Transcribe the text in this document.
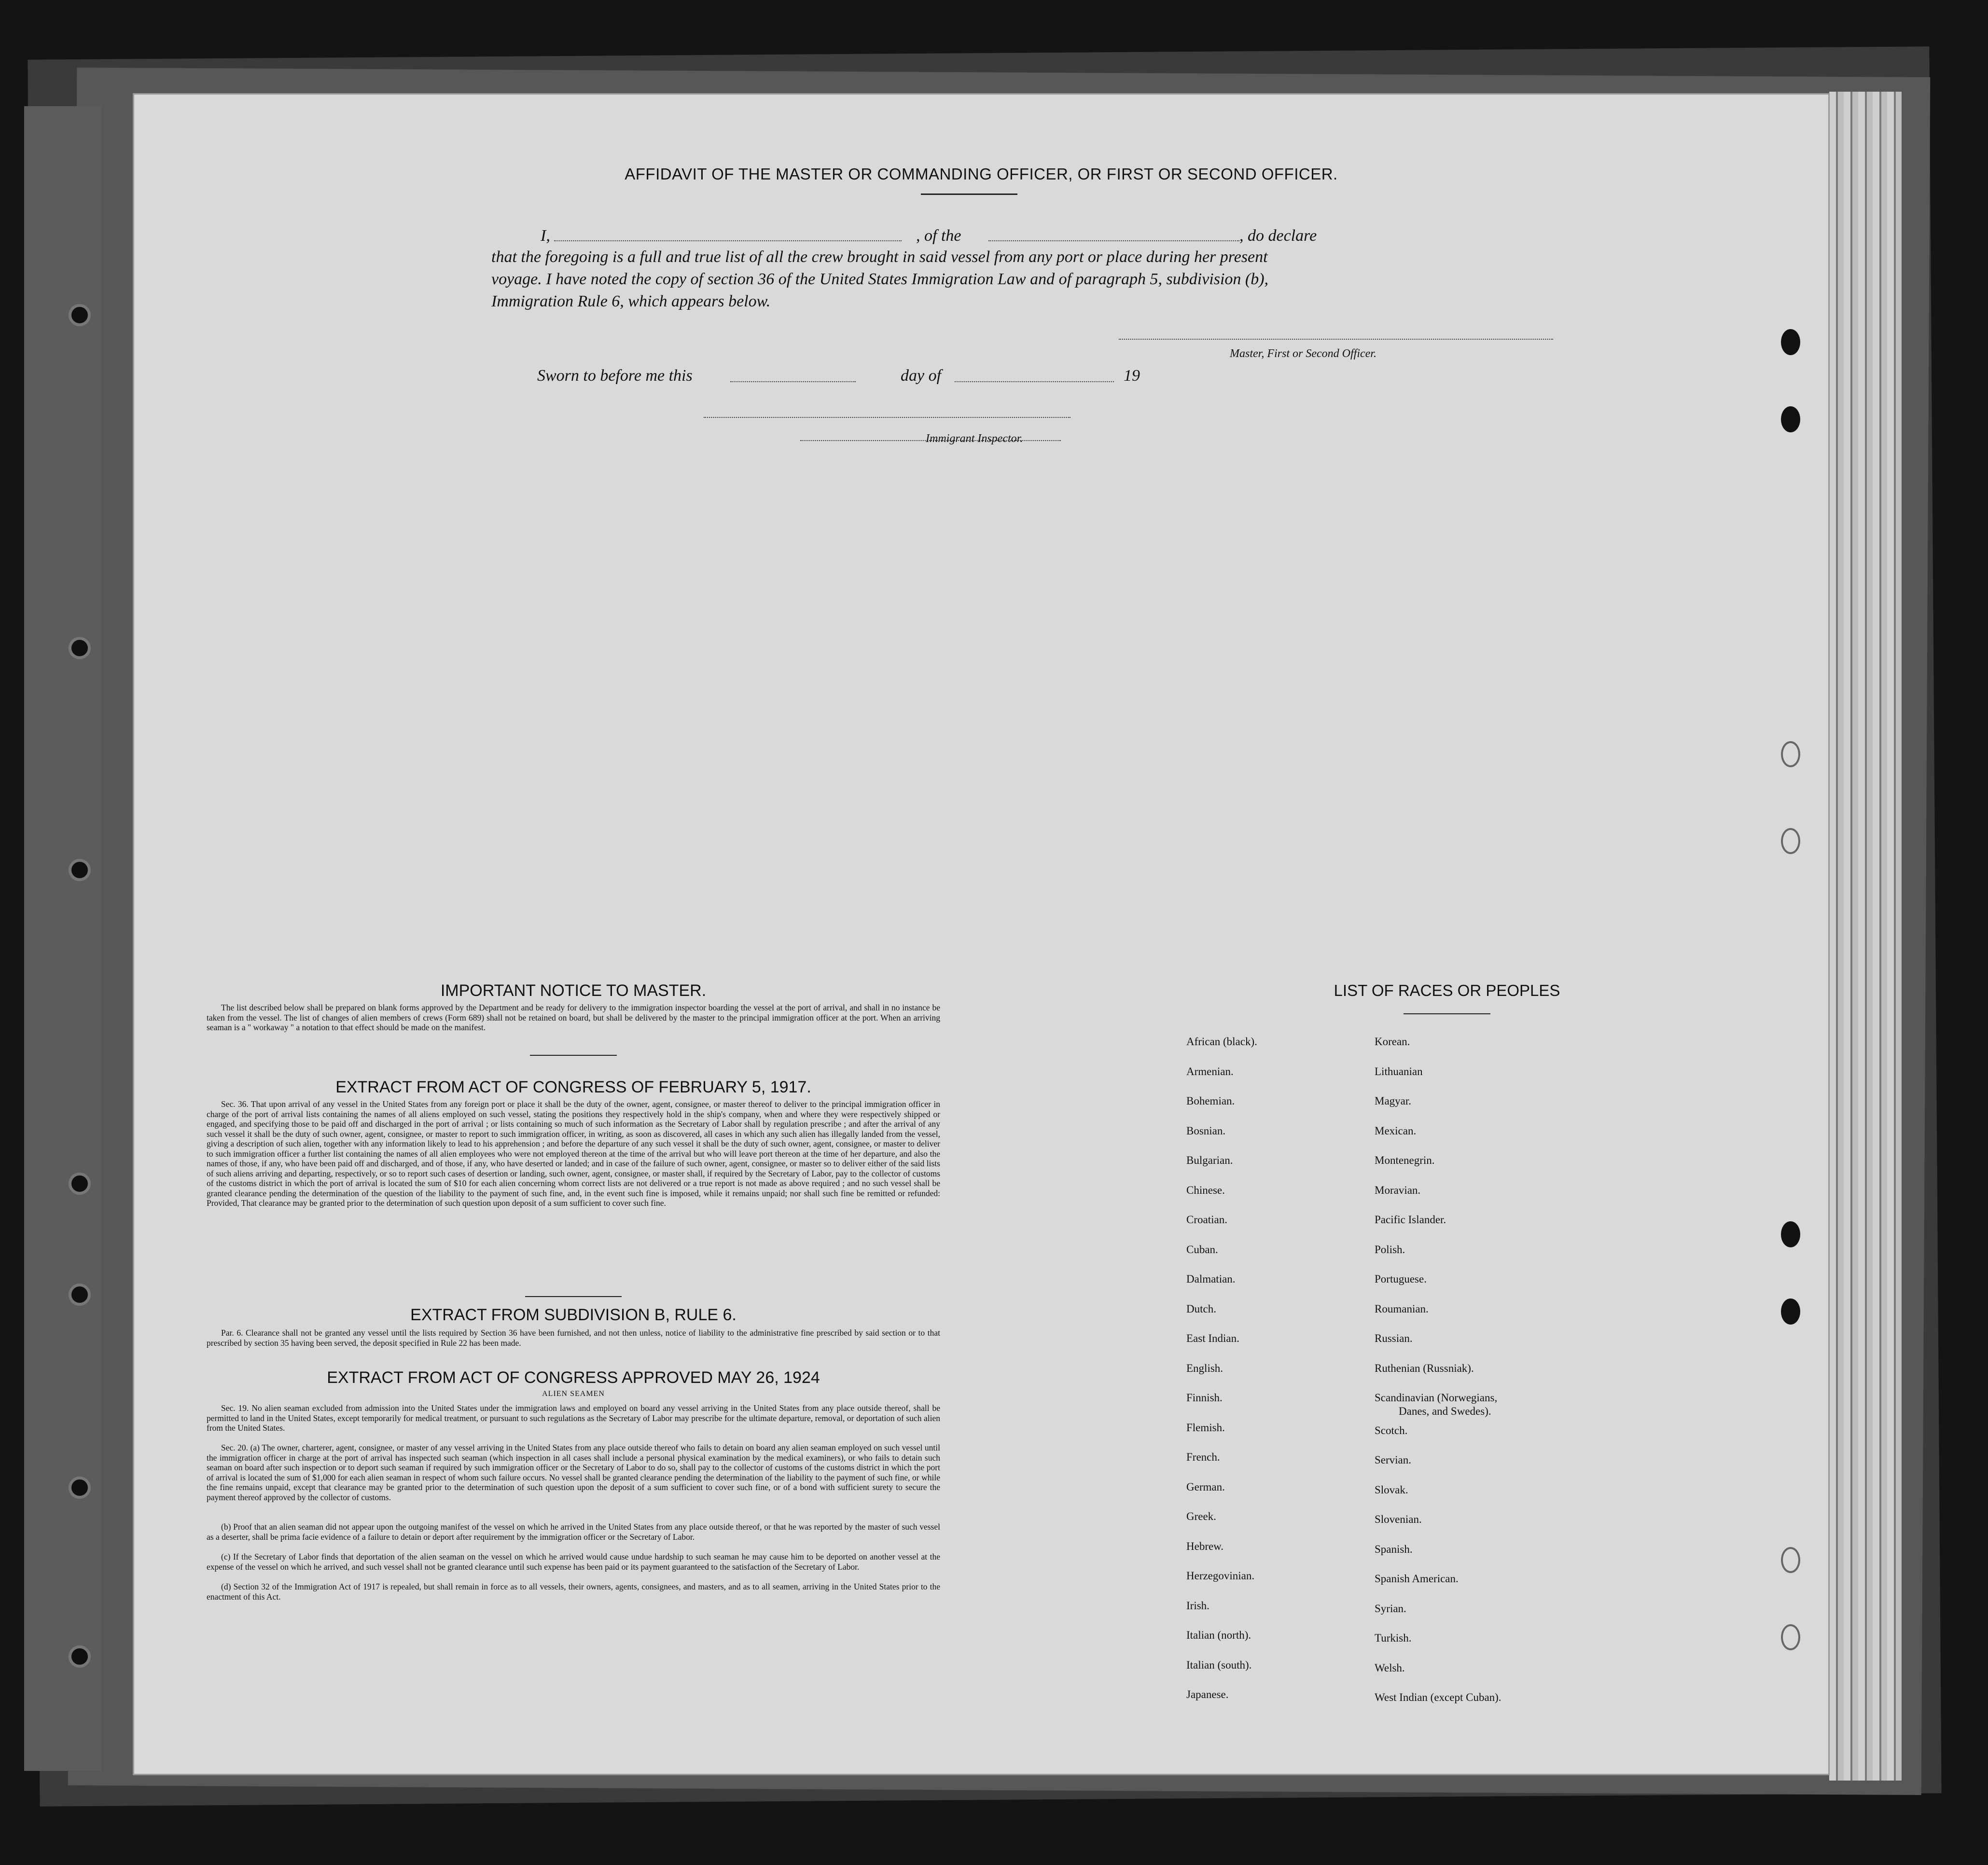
AFFIDAVIT OF THE MASTER OR COMMANDING OFFICER, OR FIRST OR SECOND OFFICER.
I,	, of the	, do declare
that the foregoing is a full and true list of all the crew brought in said vessel from any port or place during her present
voyage. I have noted the copy of section 36 of the United States Immigration Law and of paragraph 5, subdivision (b),
Immigration Rule 6, which appears below.
Master, First or Second Officer.
Sworn to before me this	day of	19
Immigrant Inspector.
IMPORTANT NOTICE TO MASTER.
The list described below shall be prepared on blank forms approved by the Department and be ready for delivery to the immigration inspector boarding the vessel at the port of arrival, and shall in no instance be taken from the vessel. The list of changes of alien members of crews (Form 689) shall not be retained on board, but shall be delivered by the master to the principal immigration officer at the port. When an arriving seaman is a " workaway " a notation to that effect should be made on the manifest.
EXTRACT FROM ACT OF CONGRESS OF FEBRUARY 5, 1917.
Sec. 36. That upon arrival of any vessel in the United States from any foreign port or place it shall be the duty of the owner, agent, consignee, or master thereof to deliver to the principal immigration officer in charge of the port of arrival lists containing the names of all aliens employed on such vessel, stating the positions they respectively hold in the ship's company, when and where they were respectively shipped or engaged, and specifying those to be paid off and discharged in the port of arrival ; or lists containing so much of such information as the Secretary of Labor shall by regulation prescribe ; and after the arrival of any such vessel it shall be the duty of such owner, agent, consignee, or master to report to such immigration officer, in writing, as soon as discovered, all cases in which any such alien has illegally landed from the vessel, giving a description of such alien, together with any information likely to lead to his apprehension ; and before the departure of any such vessel it shall be the duty of such owner, agent, consignee, or master to deliver to such immigration officer a further list containing the names of all alien employees who were not employed thereon at the time of the arrival but who will leave port thereon at the time of her departure, and also the names of those, if any, who have been paid off and discharged, and of those, if any, who have deserted or landed; and in case of the failure of such owner, agent, consignee, or master so to deliver either of the said lists of such aliens arriving and departing, respectively, or so to report such cases of desertion or landing, such owner, agent, consignee, or master shall, if required by the Secretary of Labor, pay to the collector of customs of the customs district in which the port of arrival is located the sum of $10 for each alien concerning whom correct lists are not delivered or a true report is not made as above required ; and no such vessel shall be granted clearance pending the determination of the question of the liability to the payment of such fine, and, in the event such fine is imposed, while it remains unpaid; nor shall such fine be remitted or refunded: Provided, That clearance may be granted prior to the determination of such question upon deposit of a sum sufficient to cover such fine.
EXTRACT FROM SUBDIVISION B, RULE 6.
Par. 6. Clearance shall not be granted any vessel until the lists required by Section 36 have been furnished, and not then unless, notice of liability to the administrative fine prescribed by said section or to that prescribed by section 35 having been served, the deposit specified in Rule 22 has been made.
EXTRACT FROM ACT OF CONGRESS APPROVED MAY 26, 1924
ALIEN SEAMEN
Sec. 19. No alien seaman excluded from admission into the United States under the immigration laws and employed on board any vessel arriving in the United States from any place outside thereof, shall be permitted to land in the United States, except temporarily for medical treatment, or pursuant to such regulations as the Secretary of Labor may prescribe for the ultimate departure, removal, or deportation of such alien from the United States.
Sec. 20. (a) The owner, charterer, agent, consignee, or master of any vessel arriving in the United States from any place outside thereof who fails to detain on board any alien seaman employed on such vessel until the immigration officer in charge at the port of arrival has inspected such seaman (which inspection in all cases shall include a personal physical examination by the medical examiners), or who fails to detain such seaman on board after such inspection or to deport such seaman if required by such immigration officer or the Secretary of Labor to do so, shall pay to the collector of customs of the customs district in which the port of arrival is located the sum of $1,000 for each alien seaman in respect of whom such failure occurs. No vessel shall be granted clearance pending the determination of the liability to the payment of such fine, or while the fine remains unpaid, except that clearance may be granted prior to the determination of such question upon the deposit of a sum sufficient to cover such fine, or of a bond with sufficient surety to secure the payment thereof approved by the collector of customs.
(b) Proof that an alien seaman did not appear upon the outgoing manifest of the vessel on which he arrived in the United States from any place outside thereof, or that he was reported by the master of such vessel as a deserter, shall be prima facie evidence of a failure to detain or deport after requirement by the immigration officer or the Secretary of Labor.
(c) If the Secretary of Labor finds that deportation of the alien seaman on the vessel on which he arrived would cause undue hardship to such seaman he may cause him to be deported on another vessel at the expense of the vessel on which he arrived, and such vessel shall not be granted clearance until such expense has been paid or its payment guaranteed to the satisfaction of the Secretary of Labor.
(d) Section 32 of the Immigration Act of 1917 is repealed, but shall remain in force as to all vessels, their owners, agents, consignees, and masters, and as to all seamen, arriving in the United States prior to the enactment of this Act.
LIST OF RACES OR PEOPLES
African (black).
Armenian.
Bohemian.
Bosnian.
Bulgarian.
Chinese.
Croatian.
Cuban.
Dalmatian.
Dutch.
East Indian.
English.
Finnish.
Flemish.
French.
German.
Greek.
Hebrew.
Herzegovinian.
Irish.
Italian (north).
Italian (south).
Japanese.
Korean.
Lithuanian
Magyar.
Mexican.
Montenegrin.
Moravian.
Pacific Islander.
Polish.
Portuguese.
Roumanian.
Russian.
Ruthenian (Russniak).
Scandinavian (Norwegians,
Danes, and Swedes).
Scotch.
Servian.
Slovak.
Slovenian.
Spanish.
Spanish American.
Syrian.
Turkish.
Welsh.
West Indian (except Cuban).
